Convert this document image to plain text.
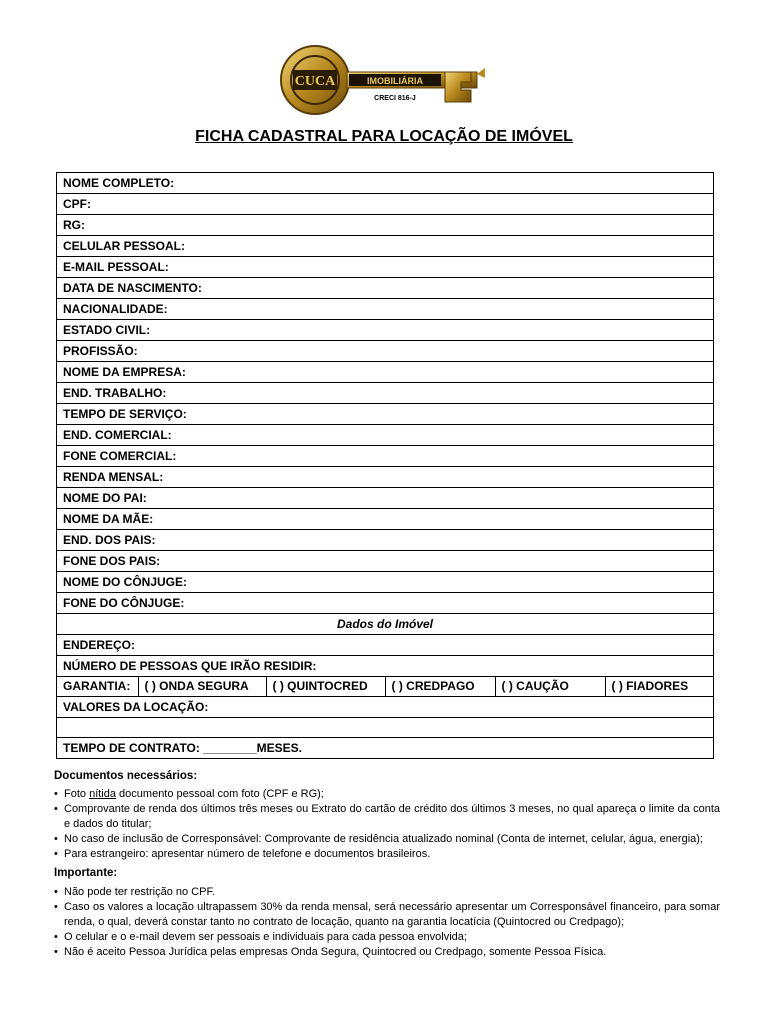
CUCA	IMOBILIÁRIA
CRECI 816-J
FICHA CADASTRAL PARA LOCAÇÃO DE IMÓVEL
NOME COMPLETO:
CPF:
RG:
CELULAR PESSOAL:
E-MAIL PESSOAL:
DATA DE NASCIMENTO:
NACIONALIDADE:
ESTADO CIVIL:
PROFISSÃO:
NOME DA EMPRESA:
END. TRABALHO:
TEMPO DE SERVIÇO:
END. COMERCIAL:
FONE COMERCIAL:
RENDA MENSAL:
NOME DO PAI:
NOME DA MÃE:
END. DOS PAIS:
FONE DOS PAIS:
NOME DO CÔNJUGE:
FONE DO CÔNJUGE:
Dados do Imóvel
ENDEREÇO:
NÚMERO DE PESSOAS QUE IRÃO RESIDIR:

GARANTIA:	( ) ONDA SEGURA	( ) QUINTOCRED	( ) CREDPAGO	( ) CAUÇÃO	( ) FIADORES

VALORES DA LOCAÇÃO:

TEMPO DE CONTRATO: ________MESES.
Documentos necessários:
• Foto nítida documento pessoal com foto (CPF e RG);
• Comprovante de renda dos últimos três meses ou Extrato do cartão de crédito dos últimos 3 meses, no qual apareça o limite da conta e dados do titular;
• No caso de inclusão de Corresponsável: Comprovante de residência atualizado nominal (Conta de internet, celular, água, energia);
• Para estrangeiro: apresentar número de telefone e documentos brasileiros.
Importante:
• Não pode ter restrição no CPF.
• Caso os valores a locação ultrapassem 30% da renda mensal, será necessário apresentar um Corresponsável financeiro, para somar renda, o qual, deverá constar tanto no contrato de locação, quanto na garantia locatícia (Quintocred ou Credpago);
• O celular e o e-mail devem ser pessoais e individuais para cada pessoa envolvida;
• Não é aceito Pessoa Jurídica pelas empresas Onda Segura, Quintocred ou Credpago, somente Pessoa Física.
